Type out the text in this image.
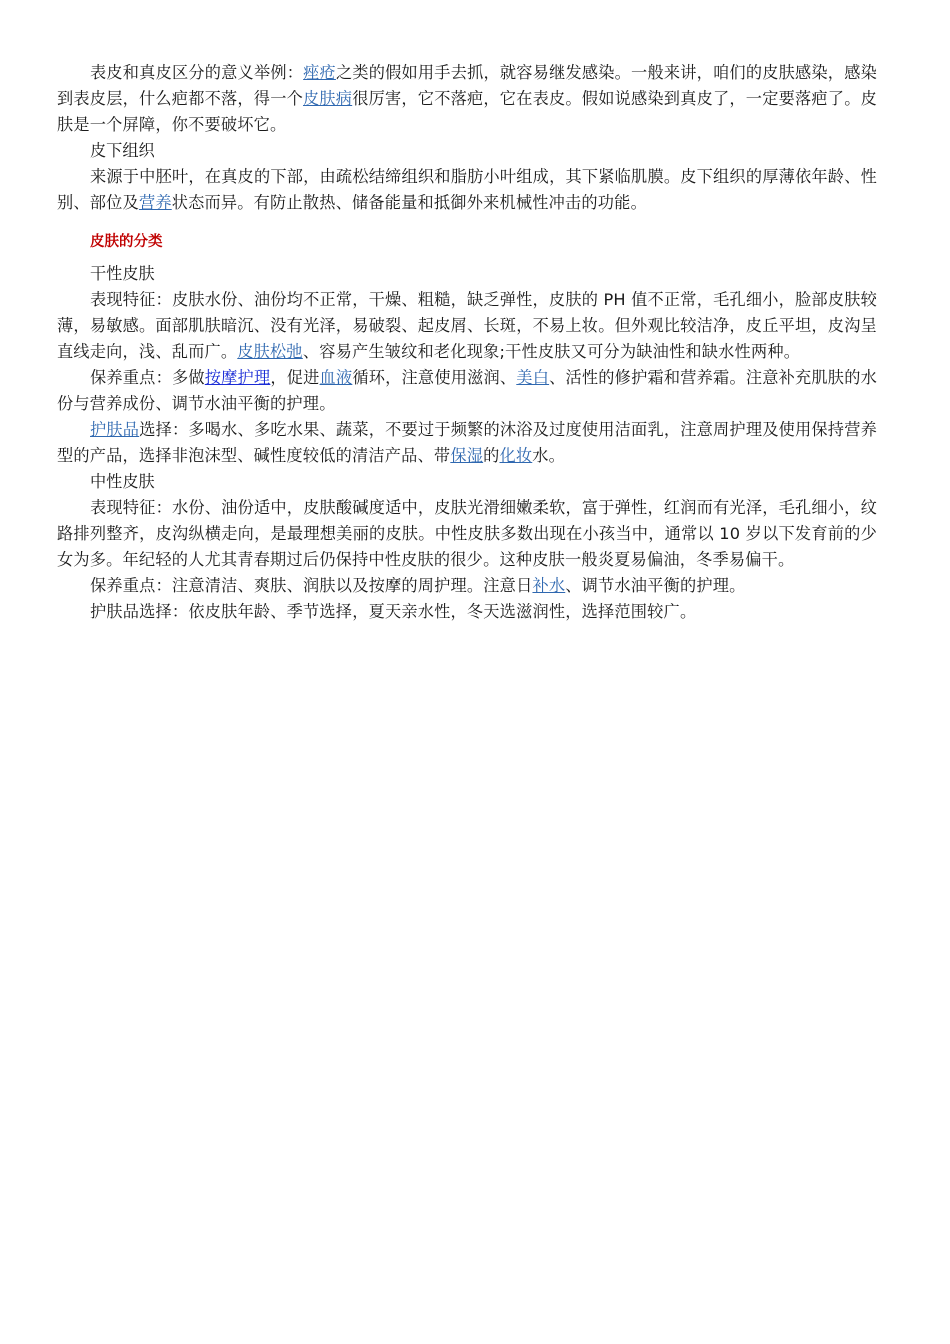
表皮和真皮区分的意义举例：痤疮之类的假如用手去抓，就容易继发感染。一般来讲，咱们的皮肤感染，感染到表皮层，什么疤都不落，得一个皮肤病很厉害，它不落疤，它在表皮。假如说感染到真皮了，一定要落疤了。皮肤是一个屏障，你不要破坏它。

皮下组织

来源于中胚叶，在真皮的下部，由疏松结缔组织和脂肪小叶组成，其下紧临肌膜。皮下组织的厚薄依年龄、性别、部位及营养状态而异。有防止散热、储备能量和抵御外来机械性冲击的功能。

皮肤的分类

干性皮肤

表现特征：皮肤水份、油份均不正常，干燥、粗糙，缺乏弹性，皮肤的 PH 值不正常，毛孔细小，脸部皮肤较薄，易敏感。面部肌肤暗沉、没有光泽，易破裂、起皮屑、长斑，不易上妆。但外观比较洁净，皮丘平坦，皮沟呈直线走向，浅、乱而广。皮肤松弛、容易产生皱纹和老化现象;干性皮肤又可分为缺油性和缺水性两种。

保养重点：多做按摩护理，促进血液循环，注意使用滋润、美白、活性的修护霜和营养霜。注意补充肌肤的水份与营养成份、调节水油平衡的护理。

护肤品选择：多喝水、多吃水果、蔬菜，不要过于频繁的沐浴及过度使用洁面乳，注意周护理及使用保持营养型的产品，选择非泡沫型、碱性度较低的清洁产品、带保湿的化妆水。

中性皮肤

表现特征：水份、油份适中，皮肤酸碱度适中，皮肤光滑细嫩柔软，富于弹性，红润而有光泽，毛孔细小，纹路排列整齐，皮沟纵横走向，是最理想美丽的皮肤。中性皮肤多数出现在小孩当中，通常以 10 岁以下发育前的少女为多。年纪轻的人尤其青春期过后仍保持中性皮肤的很少。这种皮肤一般炎夏易偏油，冬季易偏干。

保养重点：注意清洁、爽肤、润肤以及按摩的周护理。注意日补水、调节水油平衡的护理。

护肤品选择：依皮肤年龄、季节选择，夏天亲水性，冬天选滋润性，选择范围较广。
